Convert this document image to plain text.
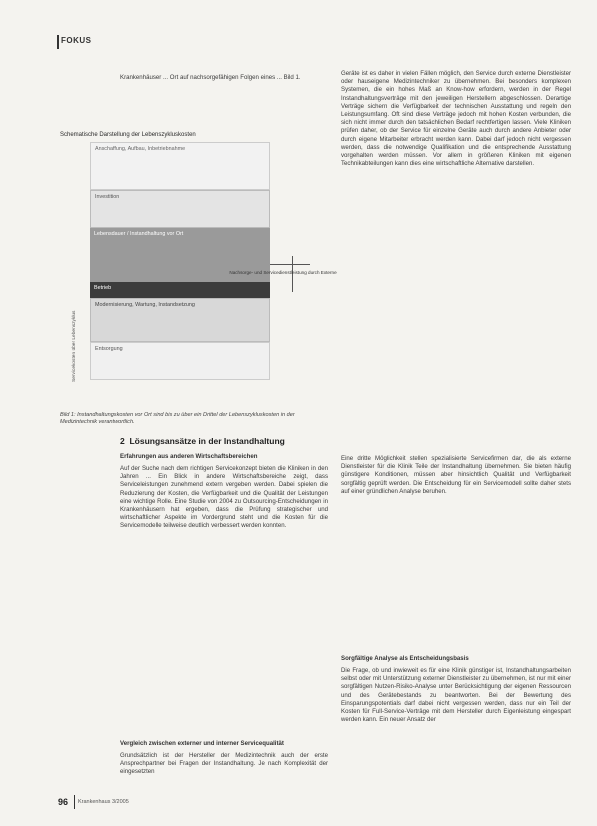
FOKUS
Krankenhäuser ... Ort auf nachsorgefähigen Folgen eines ... Bild 1.
Schematische Darstellung der Lebenszykluskosten
Anschaffung, Aufbau, Inbetriebnahme
Investition
Lebensdauer / Instandhaltung vor Ort
Betrieb
Modernisierung, Wartung, Instandsetzung
Entsorgung
Servicekosten über Lebenszyklus
Nachsorge- und Servicedienstleistung durch Externe
Bild 1: Instandhaltungskosten vor Ort sind bis zu über ein Drittel der Lebenszykluskosten in der Medizintechnik verantwortlich.
2 Lösungsansätze in der Instandhaltung
Erfahrungen aus anderen Wirtschaftsbereichen
Auf der Suche nach dem richtigen Servicekonzept bieten die Kliniken in den Jahren ... Ein Blick in andere Wirtschaftsbereiche zeigt, dass Serviceleistungen zunehmend extern vergeben werden. Dabei spielen die Reduzierung der Kosten, die Verfügbarkeit und die Qualität der Leistungen eine wichtige Rolle. Eine Studie von 2004 zu Outsourcing-Entscheidungen in Krankenhäusern hat ergeben, dass die Prüfung strategischer und wirtschaftlicher Aspekte im Vordergrund steht und die Kosten für die Servicemodelle teilweise deutlich verbessert werden konnten.
Vergleich zwischen externer und interner Servicequalität
Grundsätzlich ist der Hersteller der Medizintechnik auch der erste Ansprechpartner bei Fragen der Instandhaltung. Je nach Komplexität der eingesetzten
Geräte ist es daher in vielen Fällen möglich, den Service durch externe Dienstleister oder hauseigene Medizintechniker zu übernehmen. Bei besonders komplexen Systemen, die ein hohes Maß an Know-how erfordern, werden in der Regel Instandhaltungsverträge mit den jeweiligen Herstellern abgeschlossen. Derartige Verträge sichern die Verfügbarkeit der technischen Ausstattung und regeln den Leistungsumfang. Oft sind diese Verträge jedoch mit hohen Kosten verbunden, die sich nicht immer durch den tatsächlichen Bedarf rechtfertigen lassen. Viele Kliniken prüfen daher, ob der Service für einzelne Geräte auch durch andere Anbieter oder durch eigene Mitarbeiter erbracht werden kann. Dabei darf jedoch nicht vergessen werden, dass die notwendige Qualifikation und die entsprechende Ausstattung vorgehalten werden müssen. Vor allem in größeren Kliniken mit eigenen Technikabteilungen kann dies eine wirtschaftliche Alternative darstellen.
Eine dritte Möglichkeit stellen spezialisierte Servicefirmen dar, die als externe Dienstleister für die Klinik Teile der Instandhaltung übernehmen. Sie bieten häufig günstigere Konditionen, müssen aber hinsichtlich Qualität und Verfügbarkeit sorgfältig geprüft werden. Die Entscheidung für ein Servicemodell sollte daher stets auf einer gründlichen Analyse beruhen.
Sorgfältige Analyse als Entscheidungsbasis
Die Frage, ob und inwieweit es für eine Klinik günstiger ist, Instandhaltungsarbeiten selbst oder mit Unterstützung externer Dienstleister zu übernehmen, ist nur mit einer sorgfältigen Nutzen-Risiko-Analyse unter Berücksichtigung der eigenen Ressourcen und des Gerätebestands zu beantworten. Bei der Bewertung des Einsparungspotentials darf dabei nicht vergessen werden, dass nur ein Teil der Kosten für Full-Service-Verträge mit dem Hersteller durch Eigenleistung eingespart werden kann. Ein neuer Ansatz der
96 Krankenhaus 3/2005
